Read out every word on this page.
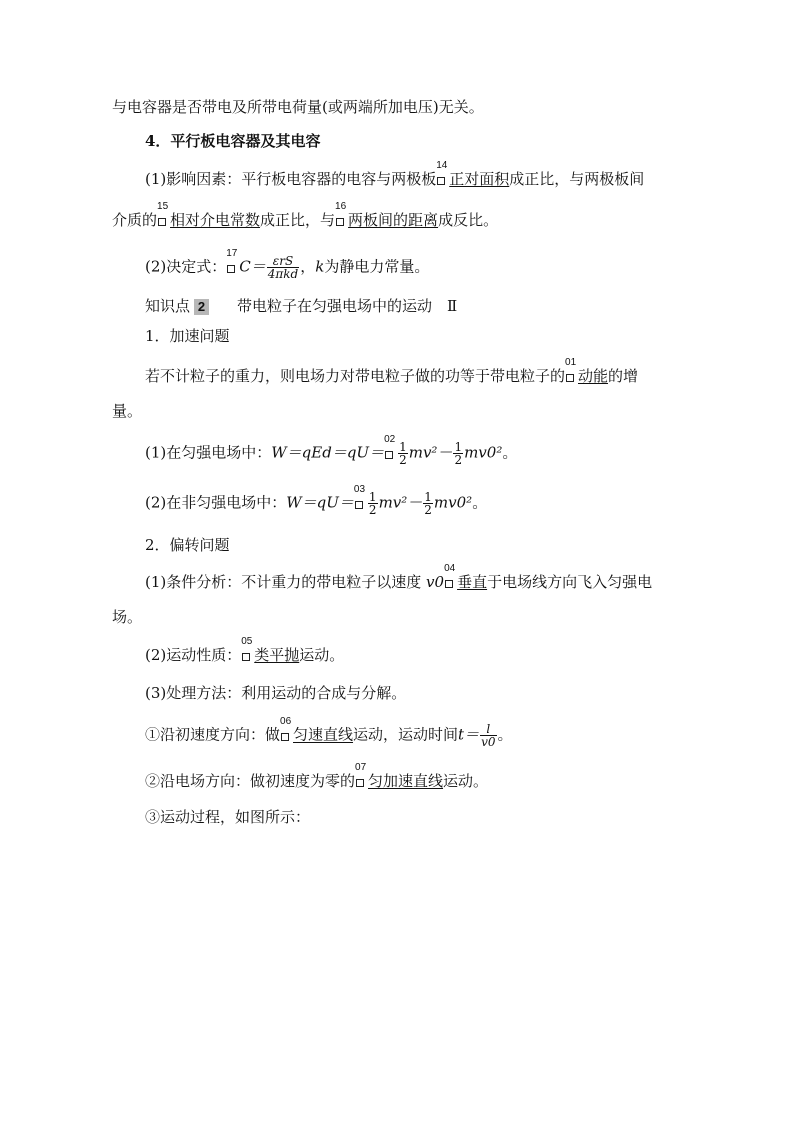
与电容器是否带电及所带电荷量(或两端所加电压)无关。
4．平行板电容器及其电容
(1)影响因素：平行板电容器的电容与两极板
14
正对面积成正比，与两极板间
介质的
15
相对介电常数成正比，与
16
两板间的距离成反比。
(2)决定式：
17
$C= \frac{\text{εrS}}{\text{4πkd}}$ ，k为静电力常量。
知识点 2 带电粒子在匀强电场中的运动　Ⅱ
1．加速问题
若不计粒子的重力，则电场力对带电粒子做的功等于带电粒子的
01
动能的增
量。
(1)在匀强电场中：W＝qEd＝qU＝
02
$\frac{1}{2} mv^2- \frac{1}{2} mv0^2$。
(2)在非匀强电场中：W＝qU＝
03
$\frac{1}{2} mv^2- \frac{1}{2} mv0^2$。
2．偏转问题
(1)条件分析：不计重力的带电粒子以速度 v0
04
垂直于电场线方向飞入匀强电
场。
(2)运动性质：
05
类平抛运动。
(3)处理方法：利用运动的合成与分解。
①沿初速度方向：做
06
匀速直线运动，运动时间$t= \frac{l}{v0}$ 。
②沿电场方向：做初速度为零的
07
匀加速直线运动。
③运动过程，如图所示：
